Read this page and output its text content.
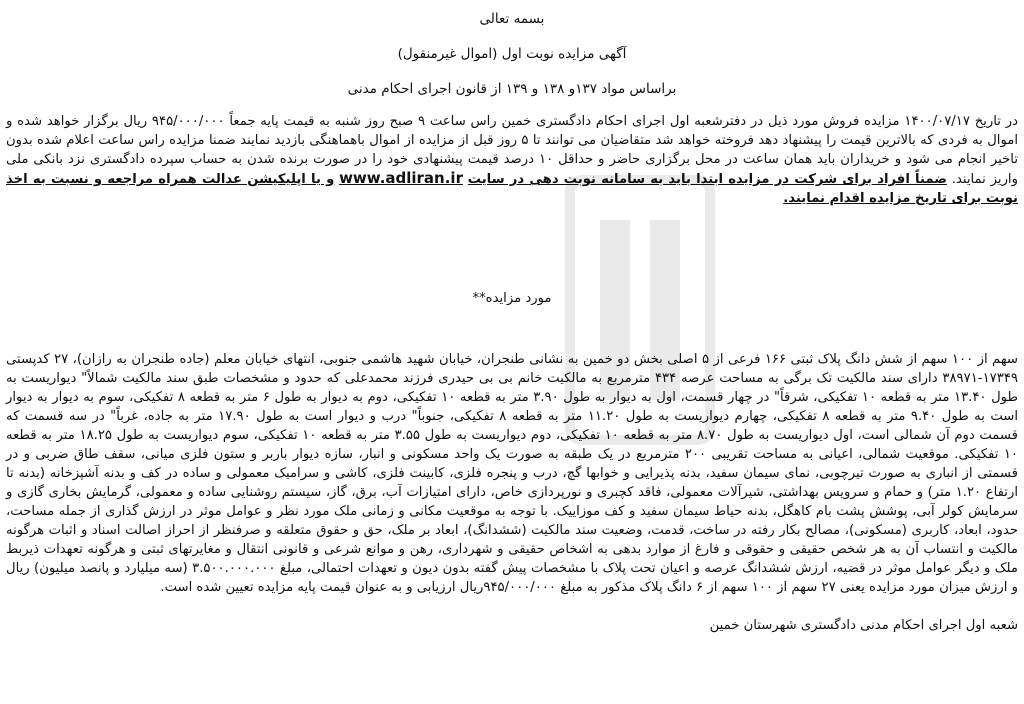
بسمه تعالی
آگهی مزایده نوبت اول (اموال غیرمنقول)
براساس مواد ۱۳۷و ۱۳۸ و ۱۳۹ از قانون اجرای احکام مدنی
در تاریخ ۱۴۰۰/۰۷/۱۷ مزایده فروش مورد ذیل در دفترشعبه اول اجرای احکام دادگستری خمین راس ساعت ۹ صبح روز شنبه به قیمت پایه جمعاً ۹۴۵/۰۰۰/۰۰۰ ریال برگزار خواهد شده و اموال به فردی که بالاترین قیمت را پیشنهاد دهد فروخته خواهد شد متقاضیان می توانند تا ۵ روز قبل از مزایده از اموال باهماهنگی بازدید نمایند ضمنا مزایده راس ساعت اعلام شده بدون تاخیر انجام می شود و خریداران باید همان ساعت در محل برگزاری حاضر و حداقل ۱۰ درصد قیمت پیشنهادی خود را در صورت برنده شدن به حساب سپرده دادگستری نزد بانکی ملی واریز نمایند. ضمناً افراد برای شرکت در مزایده ابتدا باید به سامانه نوبت دهی در سایت www.adliran.ir و یا اپلیکیشن عدالت همراه مراجعه و نسبت به اخذ نوبت برای تاریخ مزایده اقدام نمایند.
مورد مزایده**
سهم از ۱۰۰ سهم از شش دانگ پلاک ثبتی ۱۶۶ فرعی از ۵ اصلی بخش دو خمین به نشانی طنجران، خیابان شهید هاشمی جنوبی، انتهای خیابان معلم (جاده طنجران به رازان)، ۲۷ کدپستی ۱۷۳۴۹-۳۸۹۷۱ دارای سند مالکیت تک برگی به مساحت عرصه ۴۳۴ مترمربع به مالکیت خانم بی بی حیدری فرزند محمدعلی که حدود و مشخصات طبق سند مالکیت شمالاً" دیواریست به طول ۱۳.۴۰ متر به قطعه ۱۰ تفکیکی، شرقاً" در چهار قسمت، اول به دیوار به طول ۳.۹۰ متر به قطعه ۱۰ تفکیکی، دوم به دیوار به طول ۶ متر به قطعه ۸ تفکیکی، سوم به دیوار به دیوار است به طول ۹.۴۰ متر به قطعه ۸ تفکیکی، چهارم دیواریست به طول ۱۱.۲۰ متر به قطعه ۸ تفکیکی، جنوباً" درب و دیوار است به طول ۱۷.۹۰ متر به جاده، غرباً" در سه قسمت که قسمت دوم آن شمالی است، اول دیواریست به طول ۸.۷۰ متر به قطعه ۱۰ تفکیکی، دوم دیواریست به طول ۳.۵۵ متر به قطعه ۱۰ تفکیکی، سوم دیواریست به طول ۱۸.۲۵ متر به قطعه ۱۰ تفکیکی. موقعیت شمالی، اعیانی به مساحت تقریبی ۲۰۰ مترمربع در یک طبقه به صورت یک واحد مسکونی و انبار، سازه دیوار باربر و ستون فلزی میانی، سقف طاق ضربی و در قسمتی از انباری به صورت تیرچوبی، نمای سیمان سفید، بدنه پذیرایی و خوابها گچ، درب و پنجره فلزی، کابینت فلزی، کاشی و سرامیک معمولی و ساده در کف و بدنه آشپزخانه (بدنه تا ارتفاع ۱.۲۰ متر) و حمام و سرویس بهداشتی، شیرآلات معمولی، فاقد کچبری و نورپردازی خاص، دارای امتیازات آب، برق، گاز، سیستم روشنایی ساده و معمولی، گرمایش بخاری گازی و سرمایش کولر آبی، پوشش پشت بام کاهگل، بدنه حیاط سیمان سفید و کف موزاییک. با توجه به موقعیت مکانی و زمانی ملک مورد نظر و عوامل موثر در ارزش گذاری از جمله مساحت، حدود، ابعاد، کاربری (مسکونی)، مصالح بکار رفته در ساخت، قدمت، وضعیت سند مالکیت (ششدانگ)، ابعاد بر ملک، حق و حقوق متعلقه و صرفنظر از احراز اصالت اسناد و اثبات هرگونه مالکیت و انتساب آن به هر شخص حقیقی و حقوقی و فارغ از موارد بدهی به اشخاص حقیقی و شهرداری، رهن و موانع شرعی و قانونی انتقال و مغایرتهای ثبتی و هرگونه تعهدات ذیربط ملک و دیگر عوامل موثر در قضیه، ارزش ششدانگ عرصه و اعیان تحت پلاک با مشخصات پیش گفته بدون دیون و تعهدات احتمالی، مبلغ ۳.۵۰۰.۰۰۰.۰۰۰ (سه میلیارد و پانصد میلیون) ریال و ارزش میزان مورد مزایده یعنی ۲۷ سهم از ۱۰۰ سهم از ۶ دانگ پلاک مذکور به مبلغ ۹۴۵/۰۰۰/۰۰۰ریال ارزیابی و به عنوان قیمت پایه مزایده تعیین شده است.
شعبه اول اجرای احکام مدنی دادگستری شهرستان خمین
